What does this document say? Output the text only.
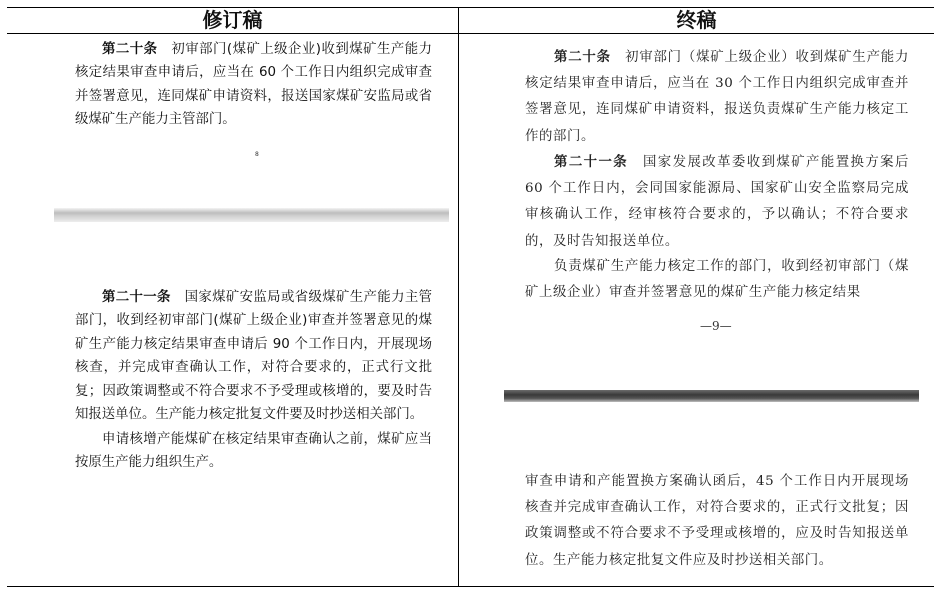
修订稿	终稿

第二十条　 初审部门(煤矿上级企业)收到煤矿生产能力核定结果审查申请后，应当在 60 个工作日内组织完成审查并签署意见，连同煤矿申请资料，报送国家煤矿安监局或省级煤矿生产能力主管部门。

8

第二十一条　 国家煤矿安监局或省级煤矿生产能力主管部门，收到经初审部门(煤矿上级企业)审查并签署意见的煤矿生产能力核定结果审查申请后 90 个工作日内，开展现场核查，并完成审查确认工作，对符合要求的，正式行文批复；因政策调整或不符合要求不予受理或核增的，要及时告知报送单位。生产能力核定批复文件要及时抄送相关部门。

申请核增产能煤矿在核定结果审查确认之前，煤矿应当按原生产能力组织生产。

第二十条　 初审部门（煤矿上级企业）收到煤矿生产能力核定结果审查申请后，应当在 30 个工作日内组织完成审查并签署意见，连同煤矿申请资料，报送负责煤矿生产能力核定工作的部门。

第二十一条　 国家发展改革委收到煤矿产能置换方案后 60 个工作日内，会同国家能源局、国家矿山安全监察局完成审核确认工作，经审核符合要求的，予以确认；不符合要求的，及时告知报送单位。

负责煤矿生产能力核定工作的部门，收到经初审部门（煤矿上级企业）审查并签署意见的煤矿生产能力核定结果

—9—

审查申请和产能置换方案确认函后，45 个工作日内开展现场核查并完成审查确认工作，对符合要求的，正式行文批复；因政策调整或不符合要求不予受理或核增的，应及时告知报送单位。生产能力核定批复文件应及时抄送相关部门。
